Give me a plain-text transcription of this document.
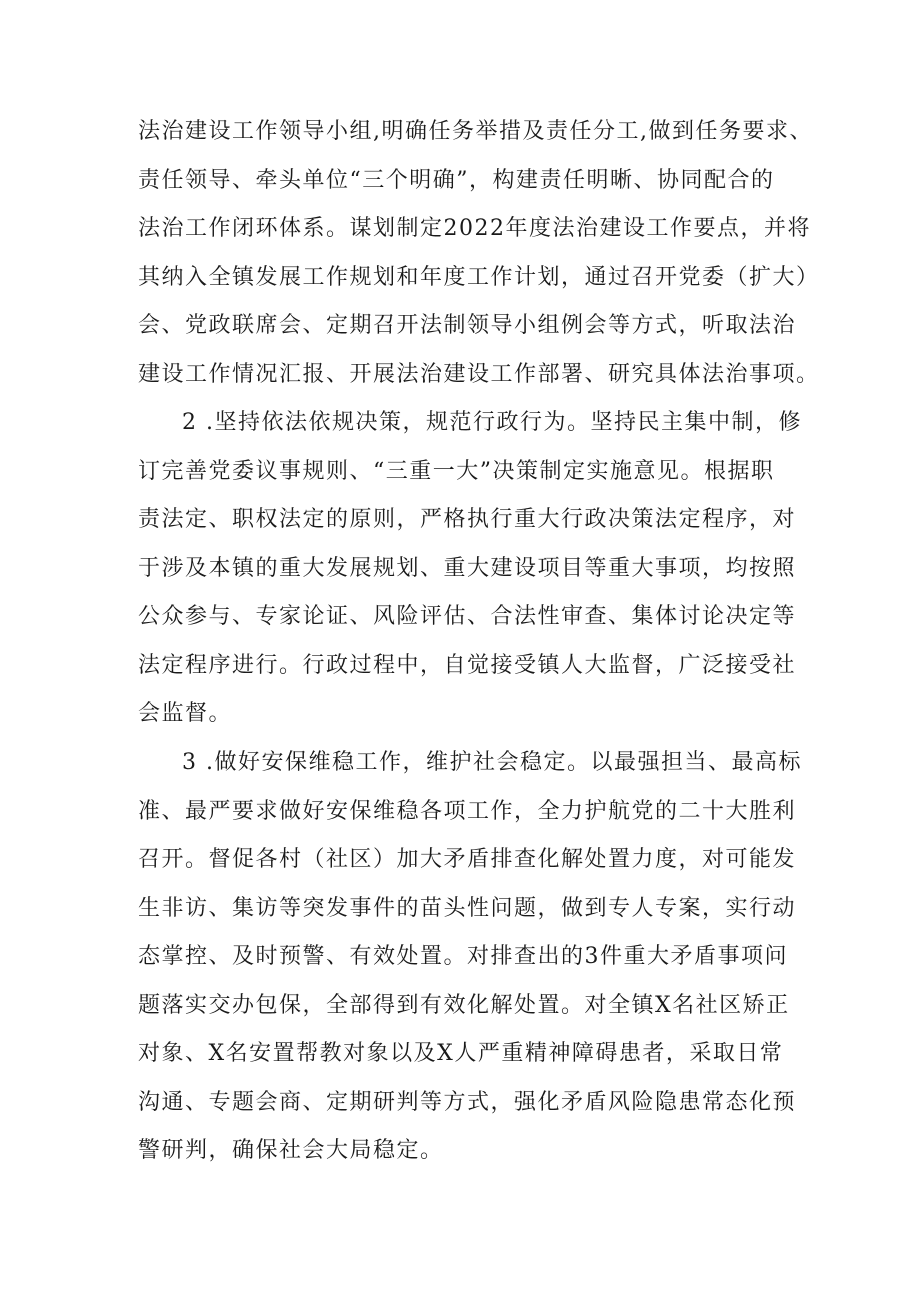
法治建设工作领导小组,明确任务举措及责任分工,做到任务要求、
责任领导、牵头单位“三个明确”，构建责任明晰、协同配合的
法治工作闭环体系。谋划制定2022年度法治建设工作要点，并将
其纳入全镇发展工作规划和年度工作计划，通过召开党委（扩大）
会、党政联席会、定期召开法制领导小组例会等方式，听取法治
建设工作情况汇报、开展法治建设工作部署、研究具体法治事项。
2 .坚持依法依规决策，规范行政行为。坚持民主集中制，修
订完善党委议事规则、“三重一大”决策制定实施意见。根据职
责法定、职权法定的原则，严格执行重大行政决策法定程序，对
于涉及本镇的重大发展规划、重大建设项目等重大事项，均按照
公众参与、专家论证、风险评估、合法性审查、集体讨论决定等
法定程序进行。行政过程中，自觉接受镇人大监督，广泛接受社
会监督。
3 .做好安保维稳工作，维护社会稳定。以最强担当、最高标
准、最严要求做好安保维稳各项工作，全力护航党的二十大胜利
召开。督促各村（社区）加大矛盾排查化解处置力度，对可能发
生非访、集访等突发事件的苗头性问题，做到专人专案，实行动
态掌控、及时预警、有效处置。对排查出的3件重大矛盾事项问
题落实交办包保，全部得到有效化解处置。对全镇X名社区矫正
对象、X名安置帮教对象以及X人严重精神障碍患者，采取日常
沟通、专题会商、定期研判等方式，强化矛盾风险隐患常态化预
警研判，确保社会大局稳定。
